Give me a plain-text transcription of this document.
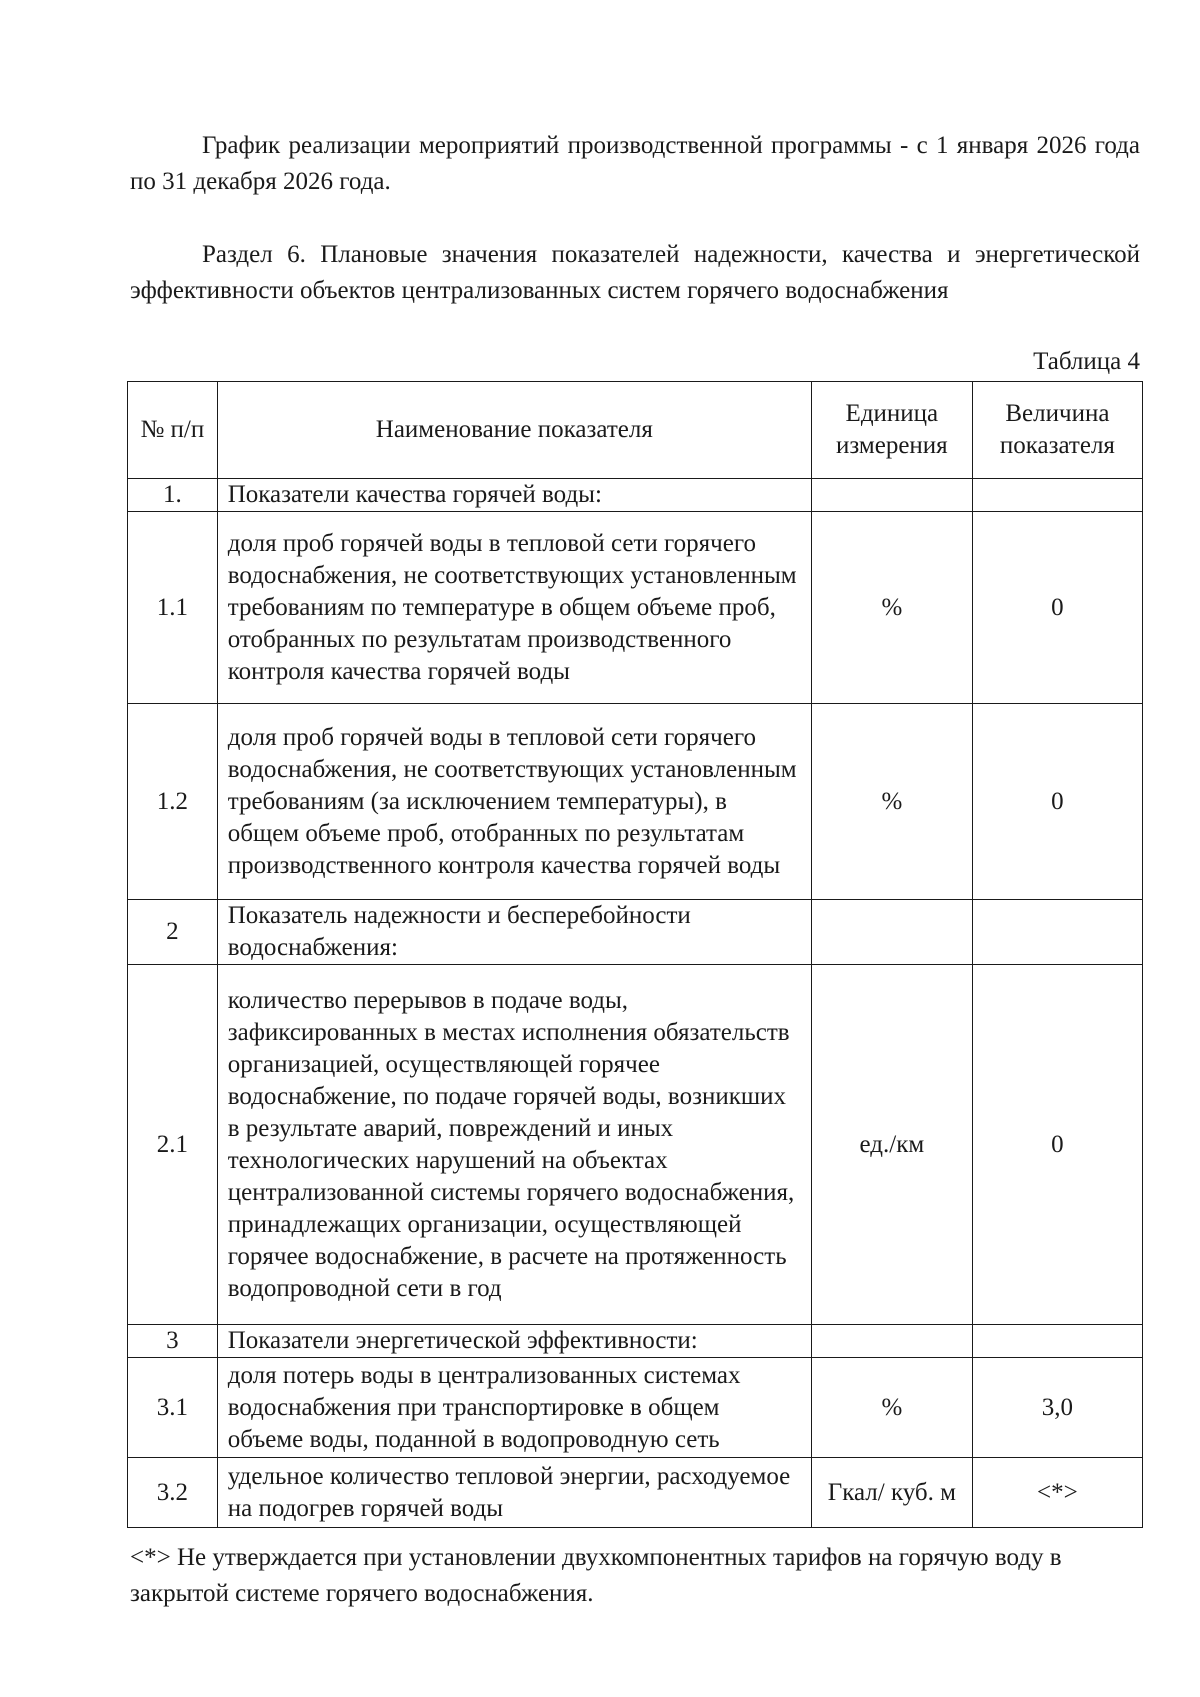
График реализации мероприятий производственной программы - с 1 января 2026 года по 31 декабря 2026 года.

Раздел 6. Плановые значения показателей надежности, качества и энергетической эффективности объектов централизованных систем горячего водоснабжения

Таблица 4
№ п/п	Наименование показателя	Единица измерения	Величина показателя
1.	Показатели качества горячей воды:		
1.1	доля проб горячей воды в тепловой сети горячего водоснабжения, не соответствующих установленным требованиям по температуре в общем объеме проб, отобранных по результатам производственного контроля качества горячей воды	%	0
1.2	доля проб горячей воды в тепловой сети горячего водоснабжения, не соответствующих установленным требованиям (за исключением температуры), в общем объеме проб, отобранных по результатам производственного контроля качества горячей воды	%	0
2	Показатель надежности и бесперебойности водоснабжения:		
2.1	количество перерывов в подаче воды, зафиксированных в местах исполнения обязательств организацией, осуществляющей горячее водоснабжение, по подаче горячей воды, возникших в результате аварий, повреждений и иных технологических нарушений на объектах централизованной системы горячего водоснабжения, принадлежащих организации, осуществляющей горячее водоснабжение, в расчете на протяженность водопроводной сети в год	ед./км	0
3	Показатели энергетической эффективности:		
3.1	доля потерь воды в централизованных системах водоснабжения при транспортировке в общем объеме воды, поданной в водопроводную сеть	%	3,0
3.2	удельное количество тепловой энергии, расходуемое на подогрев горячей воды	Гкал/ куб. м	<*>

<*> Не утверждается при установлении двухкомпонентных тарифов на горячую воду в закрытой системе горячего водоснабжения.
